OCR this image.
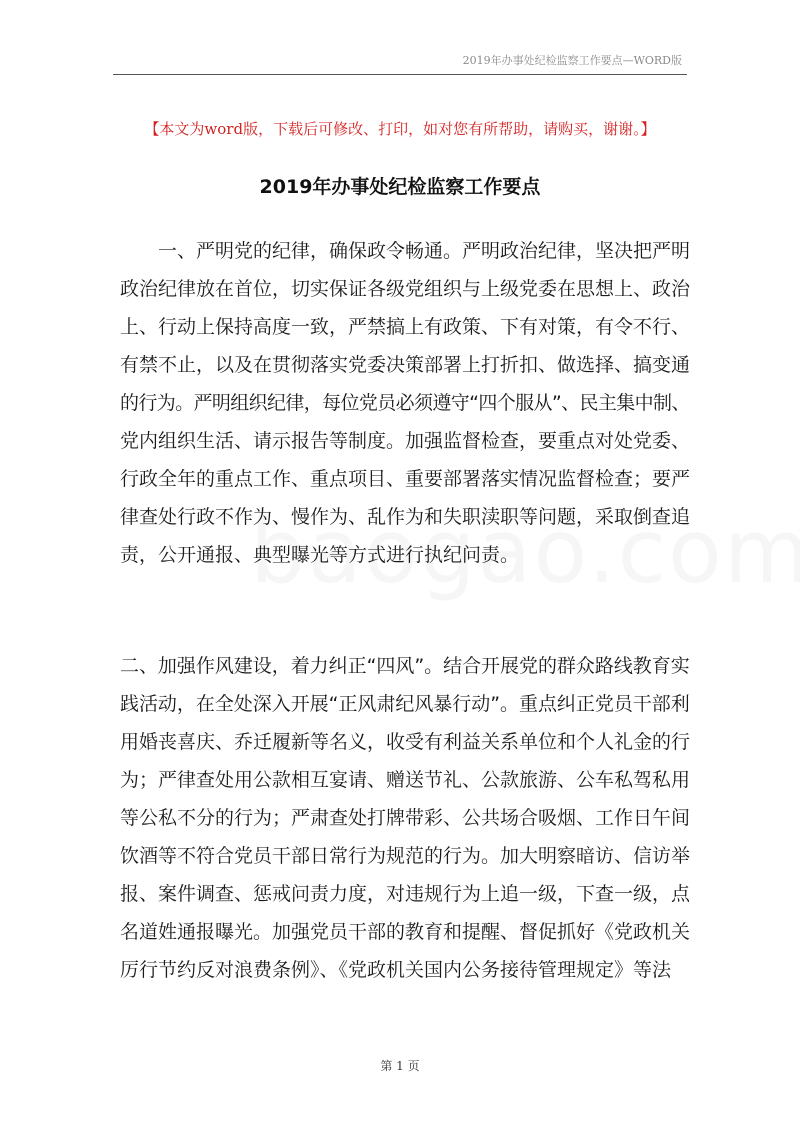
2019年办事处纪检监察工作要点—WORD版
【本文为word版，下载后可修改、打印，如对您有所帮助，请购买，谢谢。】
2019年办事处纪检监察工作要点
一、严明党的纪律，确保政令畅通。严明政治纪律，坚决把严明
政治纪律放在首位，切实保证各级党组织与上级党委在思想上、政治
上、行动上保持高度一致，严禁搞上有政策、下有对策，有令不行、
有禁不止，以及在贯彻落实党委决策部署上打折扣、做选择、搞变通
的行为。严明组织纪律，每位党员必须遵守“四个服从”、民主集中制、
党内组织生活、请示报告等制度。加强监督检查，要重点对处党委、
行政全年的重点工作、重点项目、重要部署落实情况监督检查；要严
律查处行政不作为、慢作为、乱作为和失职渎职等问题，采取倒查追
责，公开通报、典型曝光等方式进行执纪问责。
二、加强作风建设，着力纠正“四风”。结合开展党的群众路线教育实
践活动，在全处深入开展“正风肃纪风暴行动”。重点纠正党员干部利
用婚丧喜庆、乔迁履新等名义，收受有利益关系单位和个人礼金的行
为；严律查处用公款相互宴请、赠送节礼、公款旅游、公车私驾私用
等公私不分的行为；严肃查处打牌带彩、公共场合吸烟、工作日午间
饮酒等不符合党员干部日常行为规范的行为。加大明察暗访、信访举
报、案件调查、惩戒问责力度，对违规行为上追一级，下查一级，点
名道姓通报曝光。加强党员干部的教育和提醒、督促抓好《党政机关
厉行节约反对浪费条例》、《党政机关国内公务接待管理规定》等法
第 1 页
